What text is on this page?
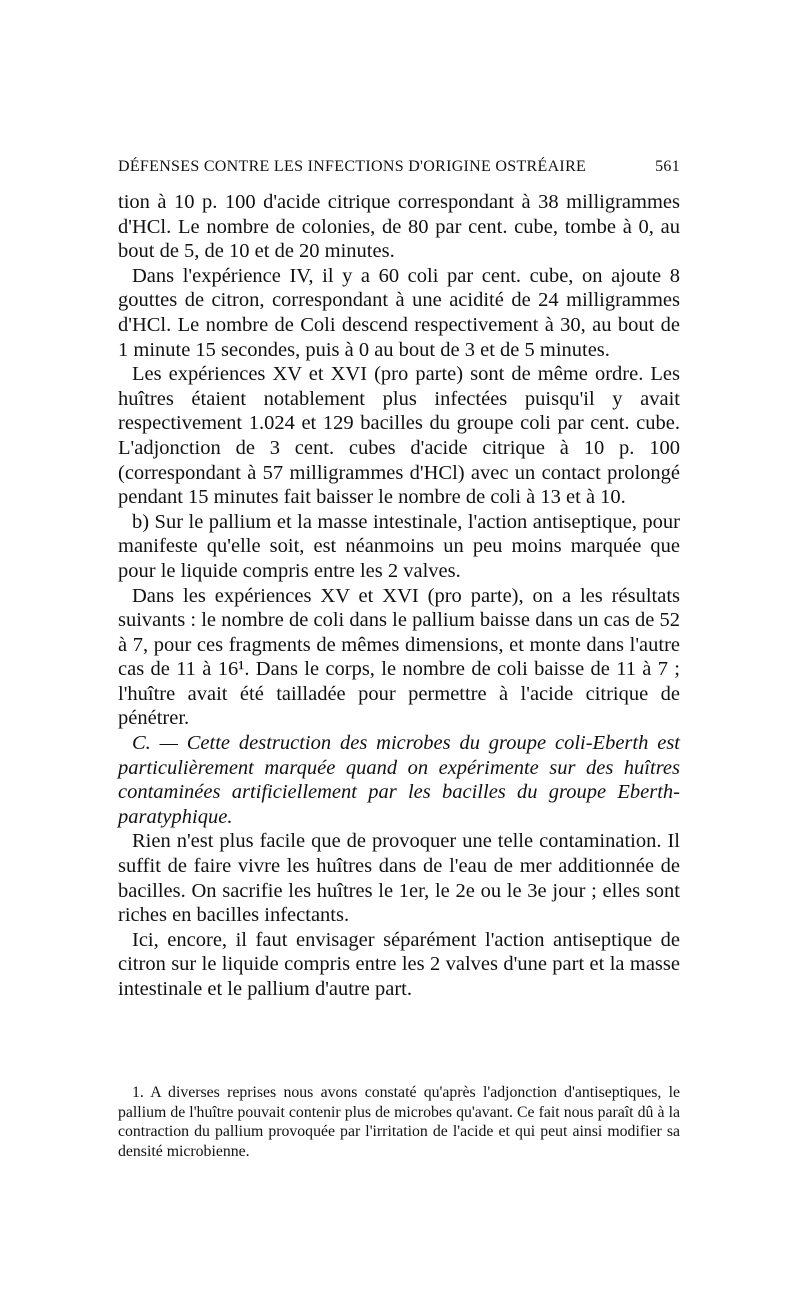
DÉFENSES CONTRE LES INFECTIONS D'ORIGINE OSTRÉAIRE	561

tion à 10 p. 100 d'acide citrique correspondant à 38 milligrammes d'HCl. Le nombre de colonies, de 80 par cent. cube, tombe à 0, au bout de 5, de 10 et de 20 minutes.

Dans l'expérience IV, il y a 60 coli par cent. cube, on ajoute 8 gouttes de citron, correspondant à une acidité de 24 milligrammes d'HCl. Le nombre de Coli descend respectivement à 30, au bout de 1 minute 15 secondes, puis à 0 au bout de 3 et de 5 minutes.

Les expériences XV et XVI (pro parte) sont de même ordre. Les huîtres étaient notablement plus infectées puisqu'il y avait respectivement 1.024 et 129 bacilles du groupe coli par cent. cube. L'adjonction de 3 cent. cubes d'acide citrique à 10 p. 100 (correspondant à 57 milligrammes d'HCl) avec un contact prolongé pendant 15 minutes fait baisser le nombre de coli à 13 et à 10.

b) Sur le pallium et la masse intestinale, l'action antiseptique, pour manifeste qu'elle soit, est néanmoins un peu moins marquée que pour le liquide compris entre les 2 valves.

Dans les expériences XV et XVI (pro parte), on a les résultats suivants : le nombre de coli dans le pallium baisse dans un cas de 52 à 7, pour ces fragments de mêmes dimensions, et monte dans l'autre cas de 11 à 16¹. Dans le corps, le nombre de coli baisse de 11 à 7 ; l'huître avait été tailladée pour permettre à l'acide citrique de pénétrer.

C. — Cette destruction des microbes du groupe coli-Eberth est particulièrement marquée quand on expérimente sur des huîtres contaminées artificiellement par les bacilles du groupe Eberth-paratyphique.

Rien n'est plus facile que de provoquer une telle contamination. Il suffit de faire vivre les huîtres dans de l'eau de mer additionnée de bacilles. On sacrifie les huîtres le 1er, le 2e ou le 3e jour ; elles sont riches en bacilles infectants.

Ici, encore, il faut envisager séparément l'action antiseptique de citron sur le liquide compris entre les 2 valves d'une part et la masse intestinale et le pallium d'autre part.

1. A diverses reprises nous avons constaté qu'après l'adjonction d'antiseptiques, le pallium de l'huître pouvait contenir plus de microbes qu'avant. Ce fait nous paraît dû à la contraction du pallium provoquée par l'irritation de l'acide et qui peut ainsi modifier sa densité microbienne.
